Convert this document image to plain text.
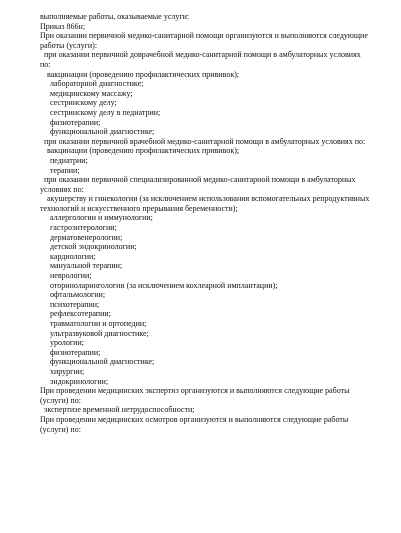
выполняемые работы, оказываемые услуги:
Приказ 866н;
При оказании первичной медико-санитарной помощи организуются и выполняются следующие
работы (услуги):
при оказании первичной доврачебной медико-санитарной помощи в амбулаторных условиях
по:
вакцинации (проведению профилактических прививок);
лабораторной диагностике;
медицинскому массажу;
сестринскому делу;
сестринскому делу в педиатрии;
физиотерапии;
функциональной диагностике;
при оказании первичной врачебной медико-санитарной помощи в амбулаторных условиях по:
вакцинации (проведению профилактических прививок);
педиатрии;
терапии;
при оказании первичной специализированной медико-санитарной помощи в амбулаторных
условиях по:
акушерству и гинекологии (за исключением использования вспомогательных репродуктивных
технологий и искусственного прерывания беременности);
аллергологии и иммунологии;
гастроэнтерологии;
дерматовенерологии;
детской эндокринологии;
кардиологии;
мануальной терапии;
неврологии;
оториноларингологии (за исключением кохлеарной имплантации);
офтальмологии;
психотерапии;
рефлексотерапии;
травматологии и ортопедии;
ультразвуковой диагностике;
урологии;
физиотерапии;
функциональной диагностике;
хирургии;
эндокринологии;
При проведении медицинских экспертиз организуются и выполняются следующие работы
(услуги) по:
экспертизе временной нетрудоспособности;
При проведении медицинских осмотров организуются и выполняются следующие работы
(услуги) по:
